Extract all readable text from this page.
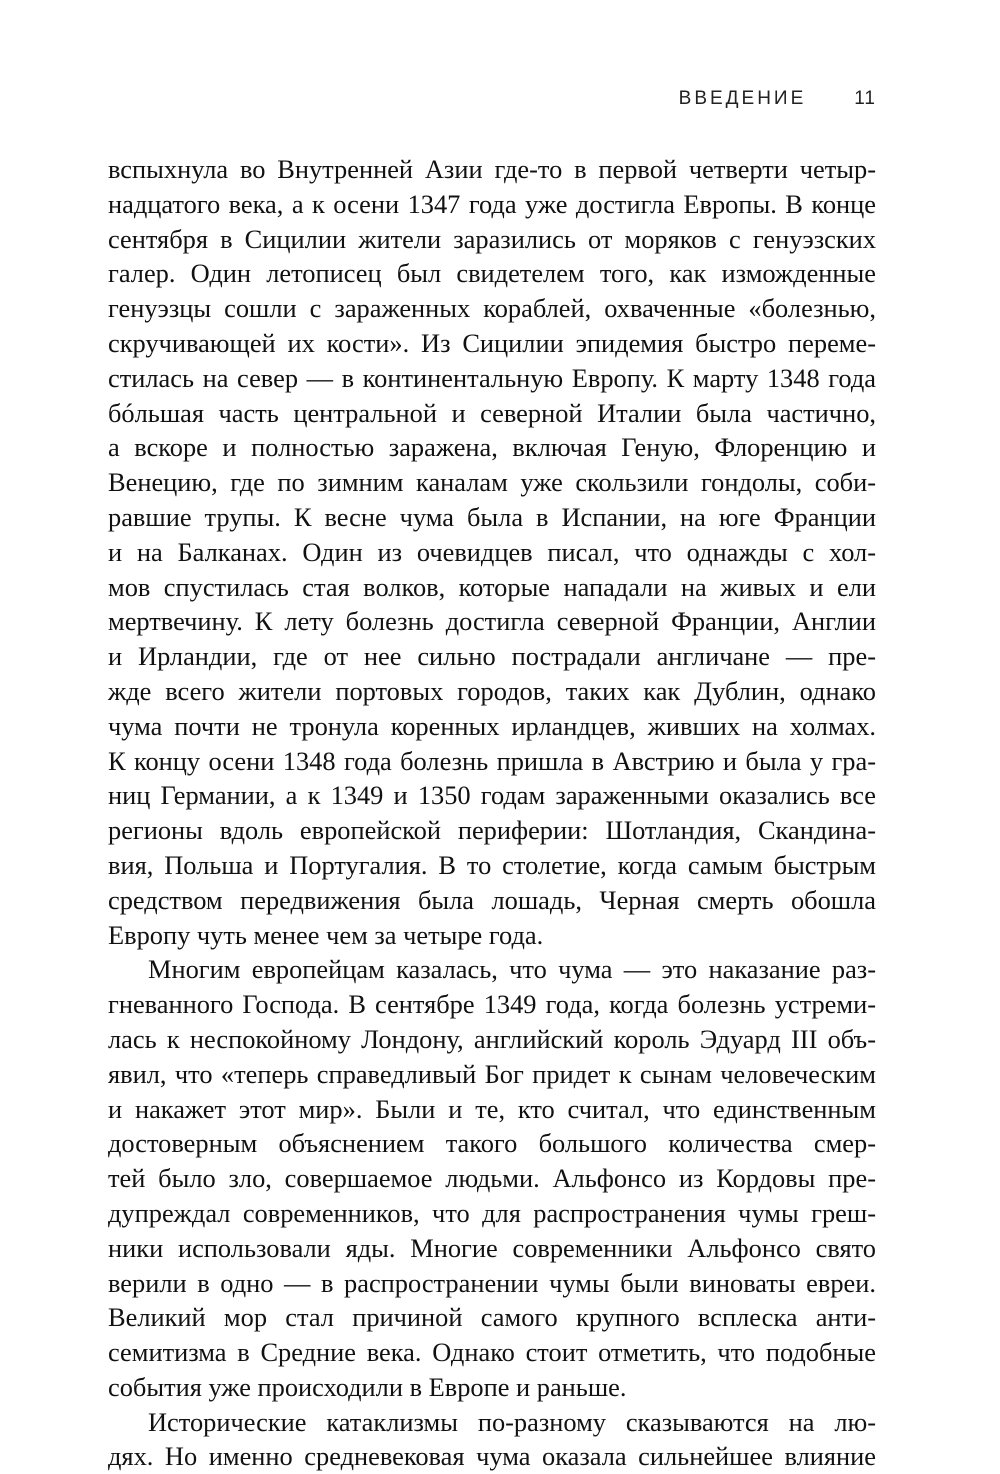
ВВЕДЕНИЕ	11
вспыхнула во Внутренней Азии где-то в первой четверти четыр-
надцатого века, а к осени 1347 года уже достигла Европы. В конце
сентября в Сицилии жители заразились от моряков с генуэзских
галер. Один летописец был свидетелем того, как изможденные
генуэзцы сошли с зараженных кораблей, охваченные «болезнью,
скручивающей их кости». Из Сицилии эпидемия быстро переме-
стилась на север — в континентальную Европу. К марту 1348 года
бóльшая часть центральной и северной Италии была частично,
а вскоре и полностью заражена, включая Геную, Флоренцию и
Венецию, где по зимним каналам уже скользили гондолы, соби-
равшие трупы. К весне чума была в Испании, на юге Франции
и на Балканах. Один из очевидцев писал, что однажды с хол-
мов спустилась стая волков, которые нападали на живых и ели
мертвечину. К лету болезнь достигла северной Франции, Англии
и Ирландии, где от нее сильно пострадали англичане — пре-
жде всего жители портовых городов, таких как Дублин, однако
чума почти не тронула коренных ирландцев, живших на холмах.
К концу осени 1348 года болезнь пришла в Австрию и была у гра-
ниц Германии, а к 1349 и 1350 годам зараженными оказались все
регионы вдоль европейской периферии: Шотландия, Скандина-
вия, Польша и Португалия. В то столетие, когда самым быстрым
средством передвижения была лошадь, Черная смерть обошла
Европу чуть менее чем за четыре года.
Многим европейцам казалась, что чума — это наказание раз-
гневанного Господа. В сентябре 1349 года, когда болезнь устреми-
лась к неспокойному Лондону, английский король Эдуард III объ-
явил, что «теперь справедливый Бог придет к сынам человеческим
и накажет этот мир». Были и те, кто считал, что единственным
достоверным объяснением такого большого количества смер-
тей было зло, совершаемое людьми. Альфонсо из Кордовы пре-
дупреждал современников, что для распространения чумы греш-
ники использовали яды. Многие современники Альфонсо свято
верили в одно — в распространении чумы были виноваты евреи.
Великий мор стал причиной самого крупного всплеска анти-
семитизма в Средние века. Однако стоит отметить, что подобные
события уже происходили в Европе и раньше.
Исторические катаклизмы по-разному сказываются на лю-
дях. Но именно средневековая чума оказала сильнейшее влияние
